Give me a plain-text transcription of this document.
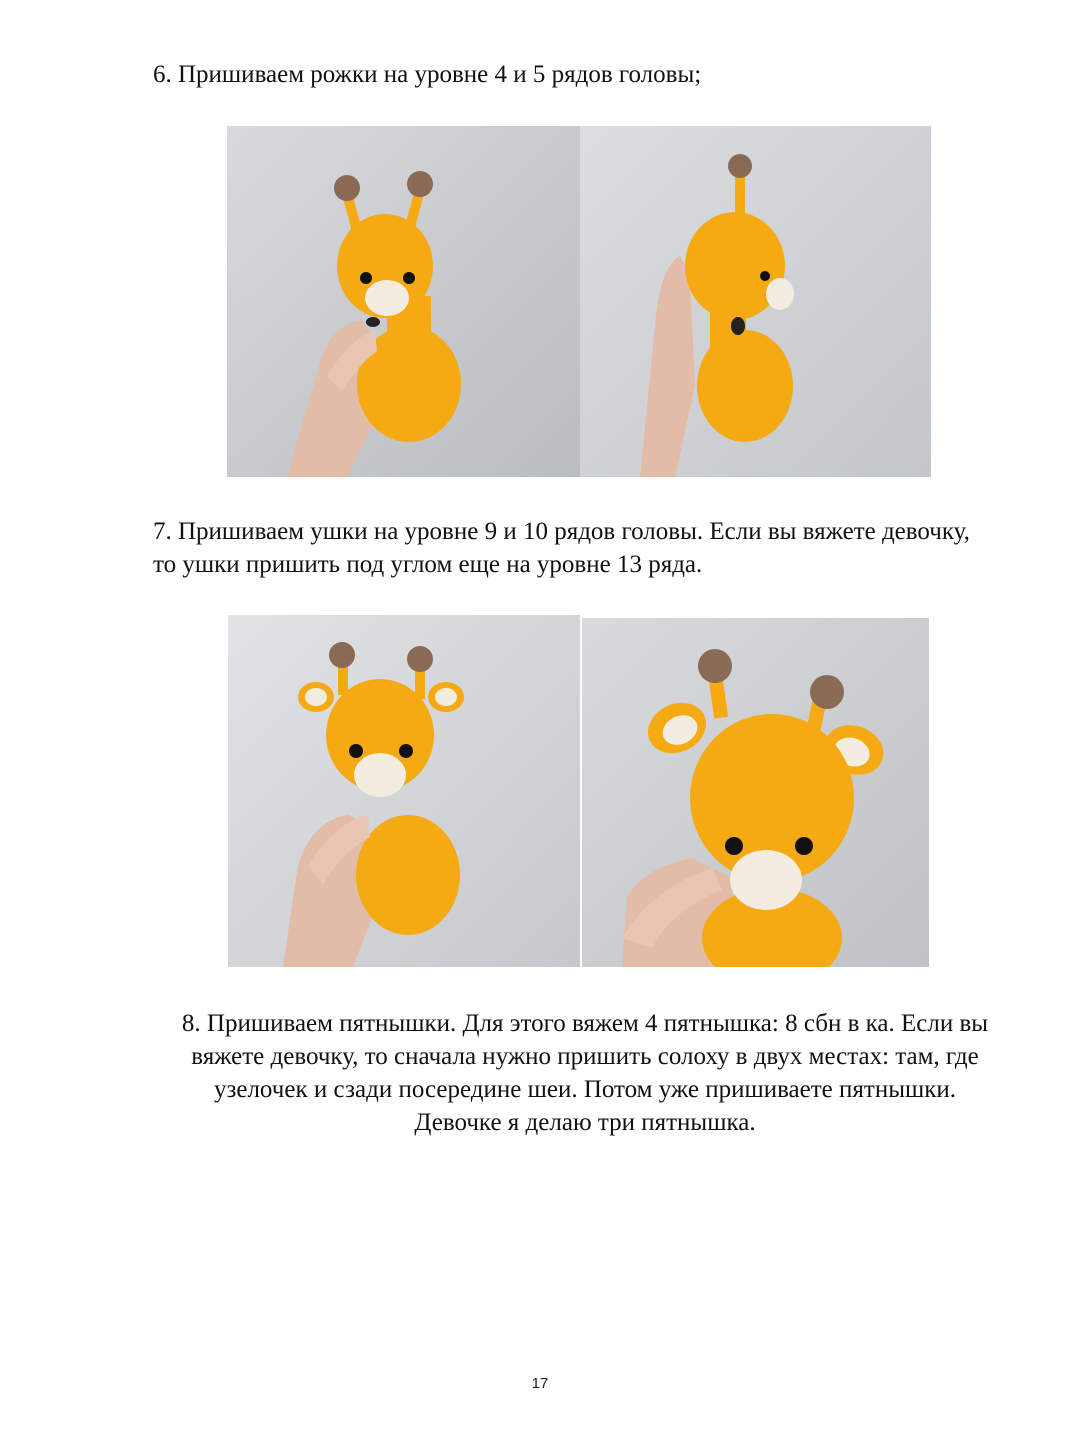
6. Пришиваем рожки на уровне 4 и 5 рядов головы;

7. Пришиваем ушки на уровне 9 и 10 рядов головы. Если вы вяжете девочку,
то ушки пришить под углом еще на уровне 13 ряда.

8. Пришиваем пятнышки. Для этого вяжем 4 пятнышка: 8 сбн в ка. Если вы
вяжете девочку, то сначала нужно пришить солоху в двух местах: там, где
узелочек и сзади посередине шеи. Потом уже пришиваете пятнышки.
Девочке я делаю три пятнышка.

17
